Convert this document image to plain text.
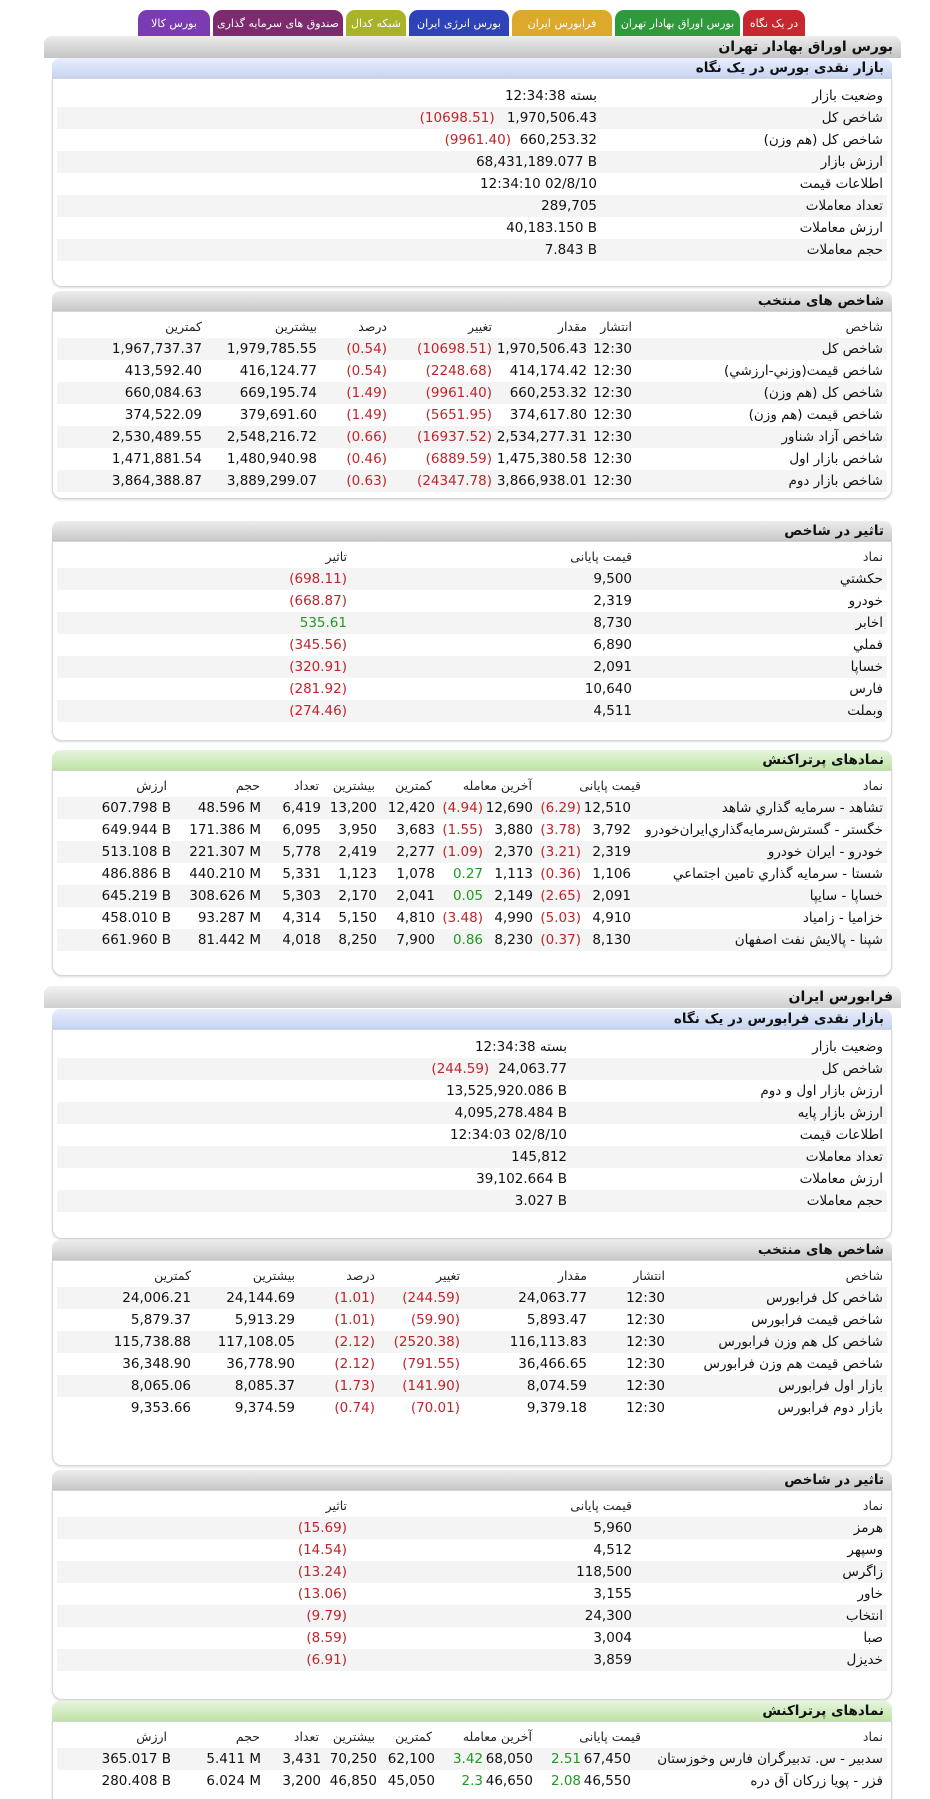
در یک نگاه
بورس اوراق بهادار تهران
فرابورس ایران
بورس انرژی ایران
شبکه کدال
صندوق های سرمایه گذاری
بورس کالا
بورس اوراق بهادار تهران
بازار نقدی بورس در یک نگاه
وضعیت بازار
بسته 12:34:38
شاخص کل
1,970,506.43
(10698.51)
شاخص کل (هم وزن)
660,253.32
(9961.40)
ارزش بازار
68,431,189.077 B
اطلاعات قیمت
12:34:10 02/8/10
تعداد معاملات
289,705
ارزش معاملات
40,183.150 B
حجم معاملات
7.843 B
شاخص های منتخب
شاخص
انتشار
مقدار
تغییر
درصد
بیشترین
کمترین
شاخص کل
12:30
1,970,506.43
(10698.51)
(0.54)
1,979,785.55
1,967,737.37
شاخص قيمت(وزني-ارزشي)
12:30
414,174.42
(2248.68)
(0.54)
416,124.77
413,592.40
شاخص کل (هم وزن)
12:30
660,253.32
(9961.40)
(1.49)
669,195.74
660,084.63
شاخص قيمت (هم وزن)
12:30
374,617.80
(5651.95)
(1.49)
379,691.60
374,522.09
شاخص آزاد شناور
12:30
2,534,277.31
(16937.52)
(0.66)
2,548,216.72
2,530,489.55
شاخص بازار اول
12:30
1,475,380.58
(6889.59)
(0.46)
1,480,940.98
1,471,881.54
شاخص بازار دوم
12:30
3,866,938.01
(24347.78)
(0.63)
3,889,299.07
3,864,388.87
تاثیر در شاخص
نماد
قیمت پایانی
تاثیر
حكشتي
9,500
(698.11)
خودرو
2,319
(668.87)
اخابر
8,730
535.61
فملي
6,890
(345.56)
خساپا
2,091
(320.91)
فارس
10,640
(281.92)
وبملت
4,511
(274.46)
نمادهای پرتراکنش
نماد
قیمت پایانی
آخرین معامله
کمترین
بیشترین
تعداد
حجم
ارزش
تشاهد - سرمايه گذاري شاهد
12,510
(6.29)
12,690
(4.94)
12,420
13,200
6,419
48.596 M
607.798 B
خگستر - گسترش‌سرمايه‌گذاري‌ايران‌خودرو
3,792
(3.78)
3,880
(1.55)
3,683
3,950
6,095
171.386 M
649.944 B
خودرو - ايران‌ خودرو
2,319
(3.21)
2,370
(1.09)
2,277
2,419
5,778
221.307 M
513.108 B
شستا - سرمايه گذاري تامين اجتماعي
1,106
(0.36)
1,113
0.27
1,078
1,123
5,331
440.210 M
486.886 B
خساپا - سايپا
2,091
(2.65)
2,149
0.05
2,041
2,170
5,303
308.626 M
645.219 B
خزاميا - زامياد
4,910
(5.03)
4,990
(3.48)
4,810
5,150
4,314
93.287 M
458.010 B
شپنا - پالايش نفت اصفهان
8,130
(0.37)
8,230
0.86
7,900
8,250
4,018
81.442 M
661.960 B
فرابورس ایران
بازار نقدی فرابورس در یک نگاه
وضعیت بازار
بسته 12:34:38
شاخص کل
24,063.77
(244.59)
ارزش بازار اول و دوم
13,525,920.086 B
ارزش بازار پایه
4,095,278.484 B
اطلاعات قیمت
12:34:03 02/8/10
تعداد معاملات
145,812
ارزش معاملات
39,102.664 B
حجم معاملات
3.027 B
شاخص های منتخب
شاخص
انتشار
مقدار
تغییر
درصد
بیشترین
کمترین
شاخص کل فرابورس
12:30
24,063.77
(244.59)
(1.01)
24,144.69
24,006.21
شاخص قیمت فرابورس
12:30
5,893.47
(59.90)
(1.01)
5,913.29
5,879.37
شاخص کل هم وزن فرابورس
12:30
116,113.83
(2520.38)
(2.12)
117,108.05
115,738.88
شاخص قیمت هم وزن فرابورس
12:30
36,466.65
(791.55)
(2.12)
36,778.90
36,348.90
بازار اول فرابورس
12:30
8,074.59
(141.90)
(1.73)
8,085.37
8,065.06
بازار دوم فرابورس
12:30
9,379.18
(70.01)
(0.74)
9,374.59
9,353.66
تاثیر در شاخص
نماد
قیمت پایانی
تاثیر
هرمز
5,960
(15.69)
وسپهر
4,512
(14.54)
زاگرس
118,500
(13.24)
خاور
3,155
(13.06)
انتخاب
24,300
(9.79)
صبا
3,004
(8.59)
خديزل
3,859
(6.91)
نمادهای پرتراکنش
نماد
قیمت پایانی
آخرین معامله
کمترین
بیشترین
تعداد
حجم
ارزش
سدبير - س. تدبيرگران فارس وخوزستان
67,450
2.51
68,050
3.42
62,100
70,250
3,431
5.411 M
365.017 B
فزر - پويا زركان آق دره
46,550
2.08
46,650
2.3
45,050
46,850
3,200
6.024 M
280.408 B
